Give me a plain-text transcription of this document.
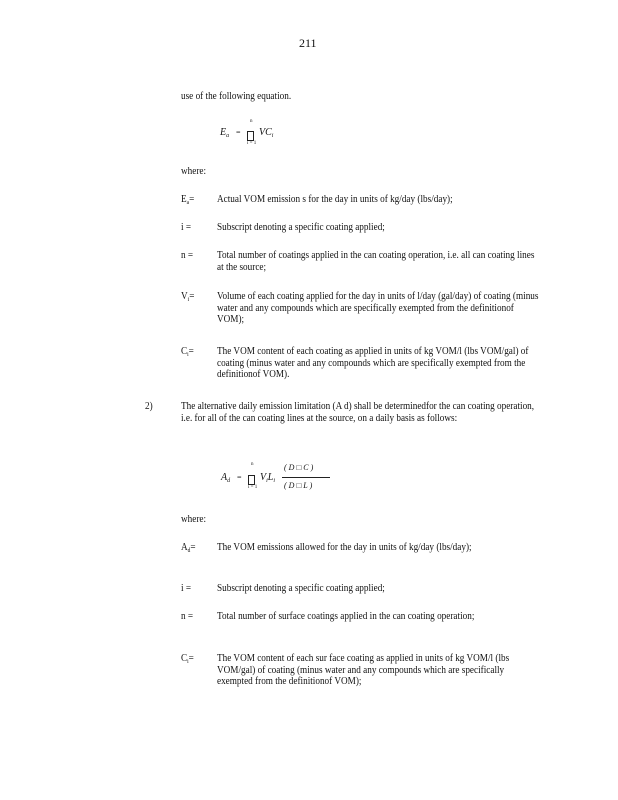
211
use of the following equation.
$E_a$ =
n
i = 1
$VC_i$
where:
$E_a=$ Actual VOM emission s for the day in units of kg/day (lbs/day);
i =	Subscript denoting a specific coating applied;
n = Total number of coatings applied in the can coating operation, i.e. all can coating lines at the source;
$V_i=$ Volume of each coating applied for the day in units of l/day (gal/day) of coating (minus water and any compounds which are specifically exempted from the definitionof VOM);
$C_i=$ The VOM content of each coating as applied in units of kg VOM/l (lbs VOM/gal) of coating (minus water and any compounds which are specifically exempted from the definitionof VOM).
2)	The alternative daily emission limitation (A d) shall be determinedfor the can coating operation, i.e. for all of the can coating lines at the source, on a daily basis as follows:
$A_d$ =
n
i = 1
$V_iL_i$
( D □ C )
( D □ L )
where:
$A_d=$ The VOM emissions allowed for the day in units of kg/day (lbs/day);
i =	Subscript denoting a specific coating applied;
n = Total number of surface coatings applied in the can coating operation;
$C_i=$ The VOM content of each sur face coating as applied in units of kg VOM/l (lbs VOM/gal) of coating (minus water and any compounds which are specifically exempted from the definitionof VOM);
